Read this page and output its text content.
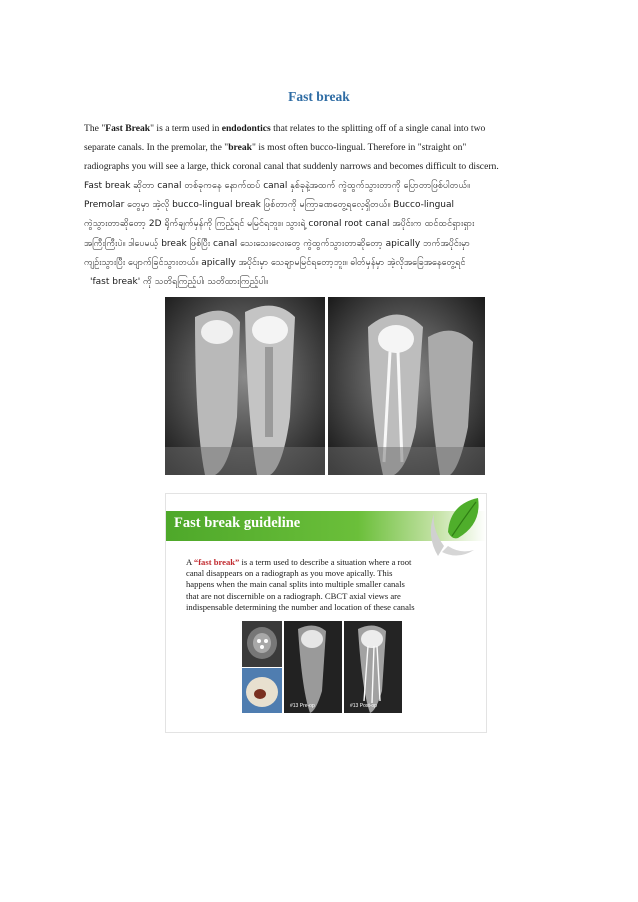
Fast break

The "Fast Break" is a term used in endodontics that relates to the splitting off of a single canal into two

separate canals. In the premolar, the "break" is most often bucco-lingual. Therefore in "straight on"

radiographs you will see a large, thick coronal canal that suddenly narrows and becomes difficult to discern.

Fast break ဆိုတာ canal တစ်ခုကနေ နောက်ထပ် canal နှစ်ခုနဲ့အထက် ကွဲထွက်သွားတာကို ပြောတာဖြစ်ပါတယ်။

Premolar တွေမှာ အဲ့လို bucco-lingual break ဖြစ်တာကို မကြာခဏတွေ့ရလေ့ရှိတယ်။ Bucco-lingual

ကွဲသွားတာဆိုတော့ 2D ရိုက်ချက်မှန်ကို ကြည့်ရင် မမြင်ရဘူး။ သွားရဲ့ coronal root canal အပိုင်းက ထင်ထင်ရှားရှား

အကြီးကြီးပဲ။ ဒါပေမယ့် break ဖြစ်ပြီး canal သေးသေးလေးတွေ ကွဲထွက်သွားတာဆိုတော့ apically ဘက်အပိုင်းမှာ

ကျဉ်းသွားပြီး ပျောက်ခြင်သွားတယ်။ apically အပိုင်းမှာ သေချာမမြင်ရတော့ဘူး။ ဓါတ်မှန်မှာ အဲ့လိုအခြေအနေတွေ့ရင်

'fast break' ကို သတိရကြည့်ပါ၊ သတိထားကြည့်ပါ။

Fast break guideline

A “fast break” is a term used to describe a situation where a root

canal disappears on a radiograph as you move apically. This

happens when the main canal splits into multiple smaller canals

that are not discernible on a radiograph. CBCT axial views are

indispensable determining the number and location of these canals

#13 Pre-op	#13 Post-op
